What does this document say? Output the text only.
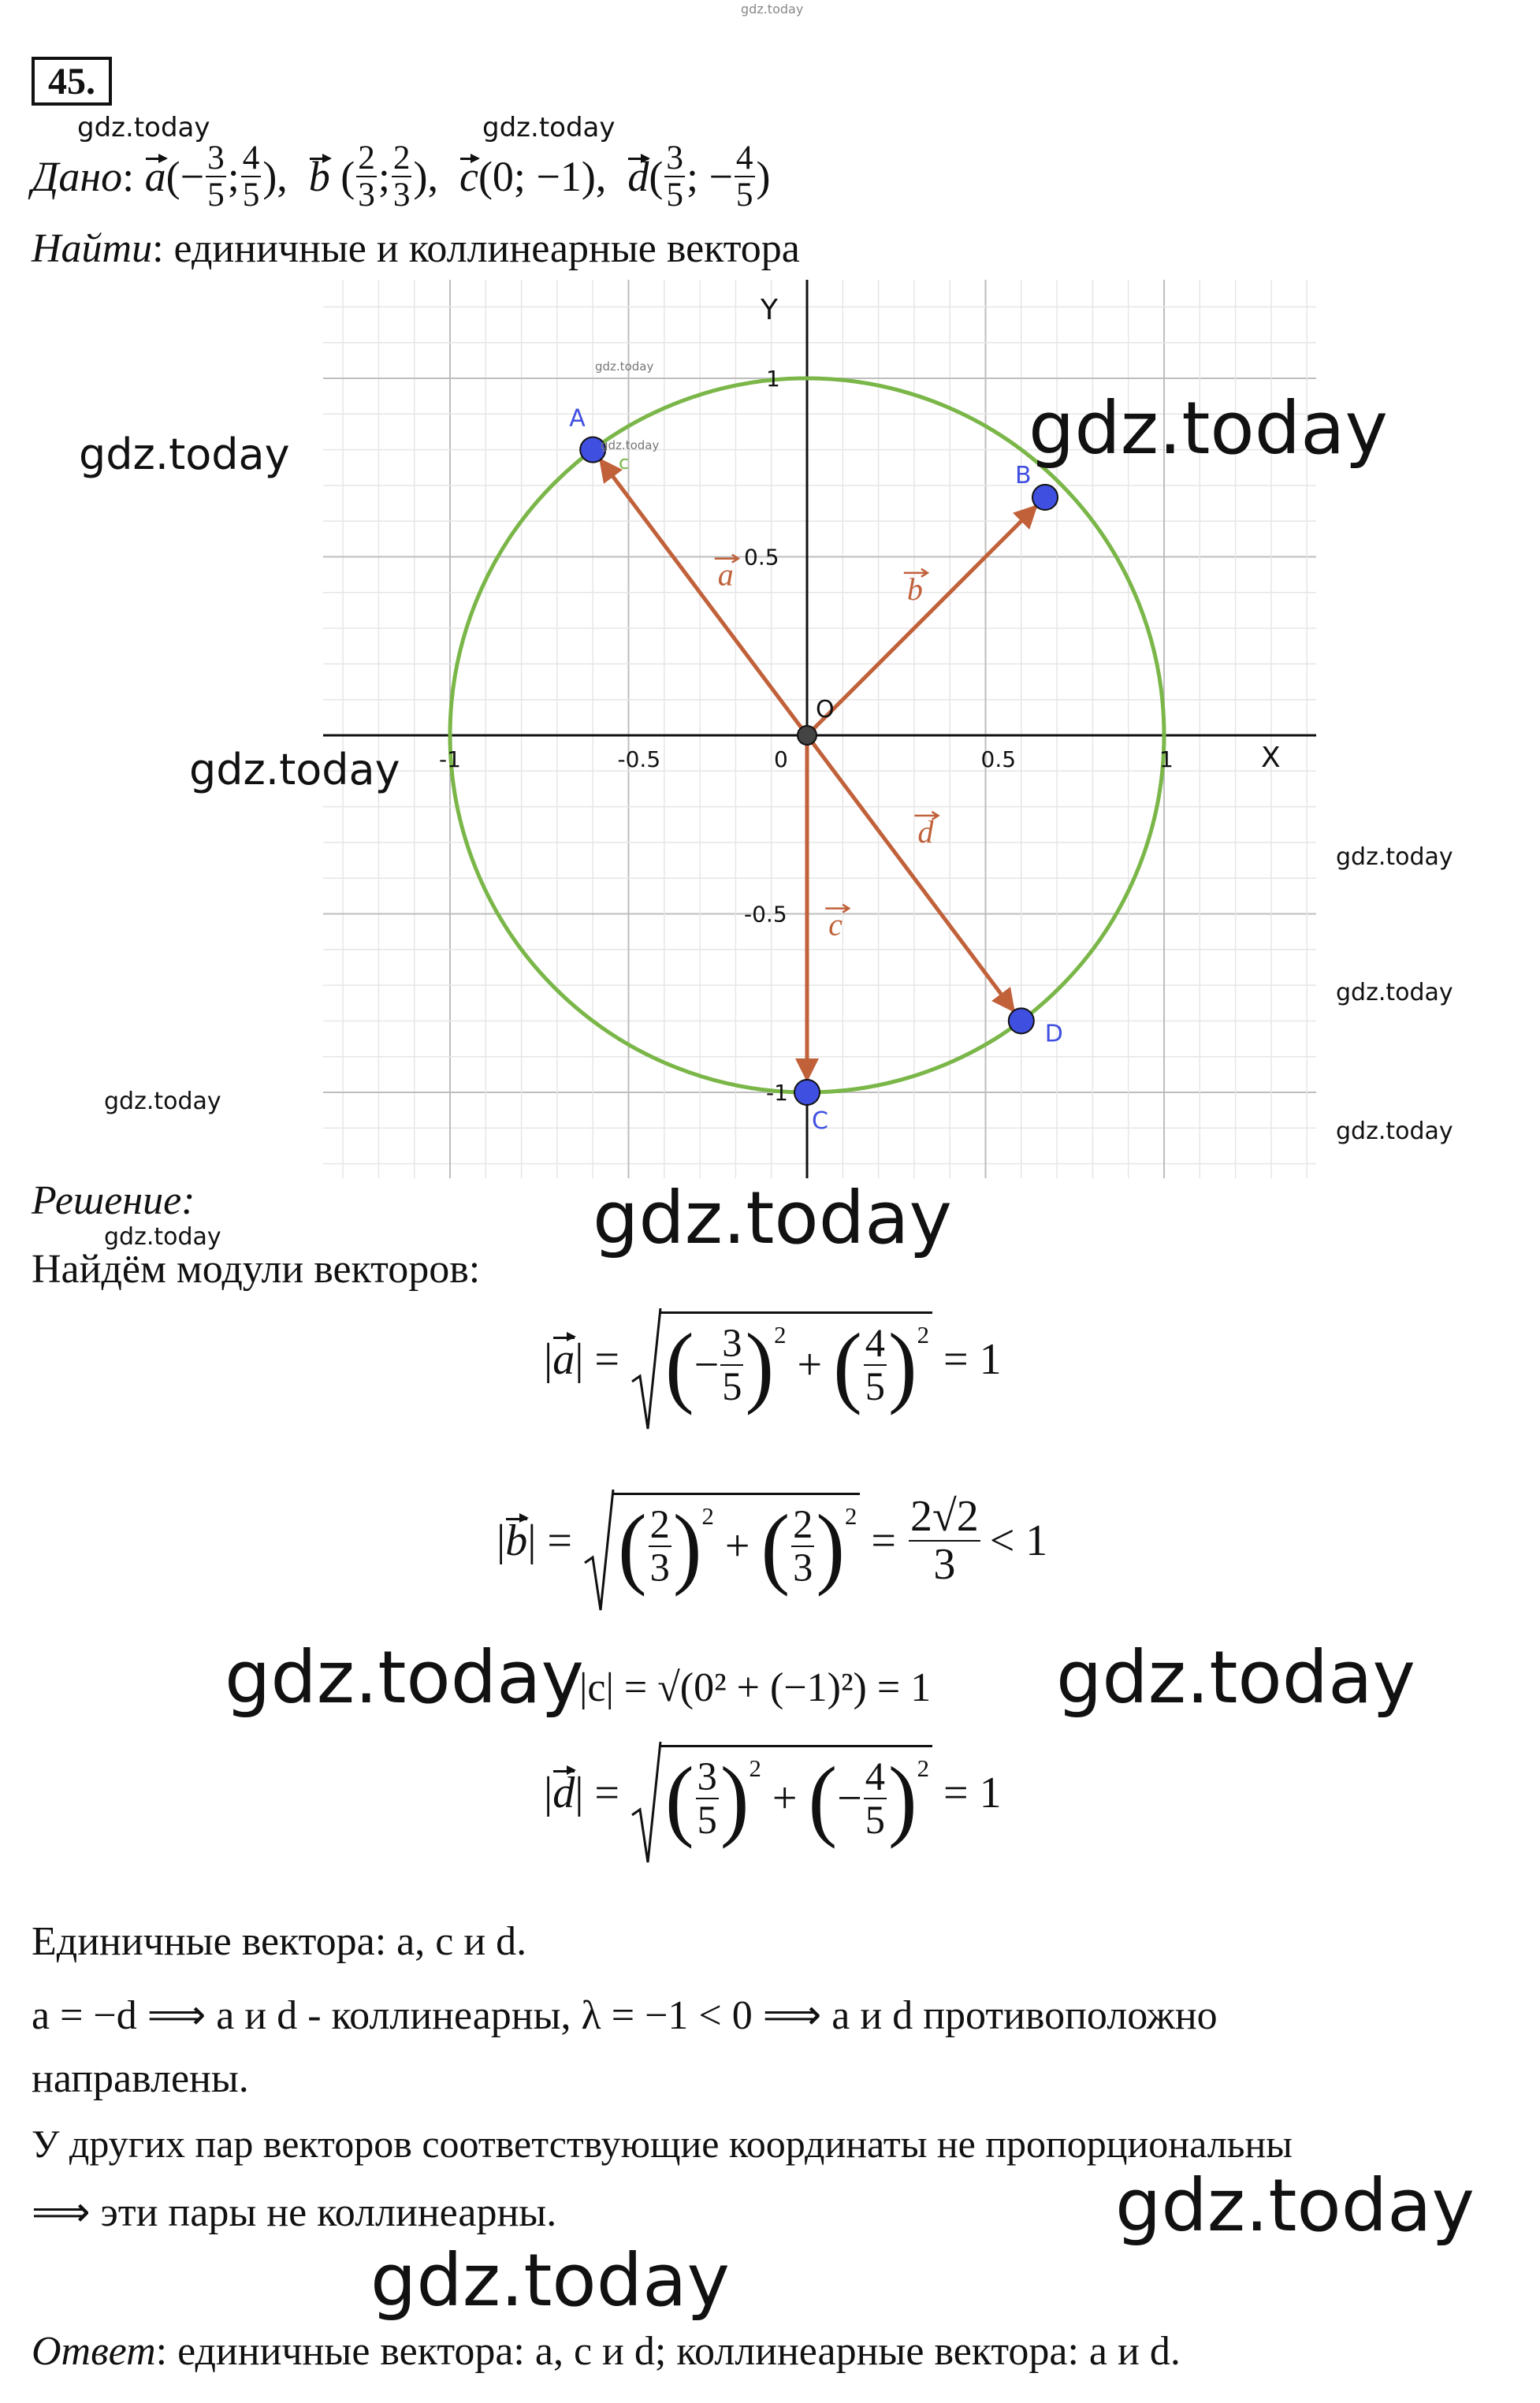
gdz.today
45.
Дано : a (− $\frac{3}{5}$ ; $\frac{4}{5}$ ), b ( $\frac{2}{3}$ ; $\frac{2}{3}$ ), c (0; −1), d ( $\frac{3}{5}$ ; − $\frac{4}{5}$ )
Найти: единичные и коллинеарные вектора
a	b
c
d
A
B
C
D
-1	-0.5	0.5	1
1
0.5
-0.5
-1
X
Y
O
0
c
gdz.today
gdz.today
gdz.today	gdz.today
gdz.today
gdz.today
gdz.today
gdz.today
gdz.today
gdz.today
gdz.today	gdz.today
Решение:	gdz.today
Найдём модули векторов:
| a | = ( − $\frac{3}{5} )^2$
+ ( $\frac{4}{5} )^2$
= 1
| b | = ( $\frac{2}{3} )^2$
+ ( $\frac{2}{3} )^2$
= $\frac{2√2}{3} < 1$
gdz.today
|c| = √(0² + (−1)²) = 1 gdz.today
| d | = ( $\frac{3}{5} )^2$
+ ( − $\frac{4}{5} )^2$
= 1
Единичные вектора: a, c и d.
a = −d ⟹ a и d - коллинеарны, λ = −1 < 0 ⟹ a и d противоположно
направлены.
У других пар векторов соответствующие координаты не пропорциональны
⟹ эти пары не коллинеарны.	gdz.today
gdz.today
Ответ: единичные вектора: a, c и d; коллинеарные вектора: a и d.
